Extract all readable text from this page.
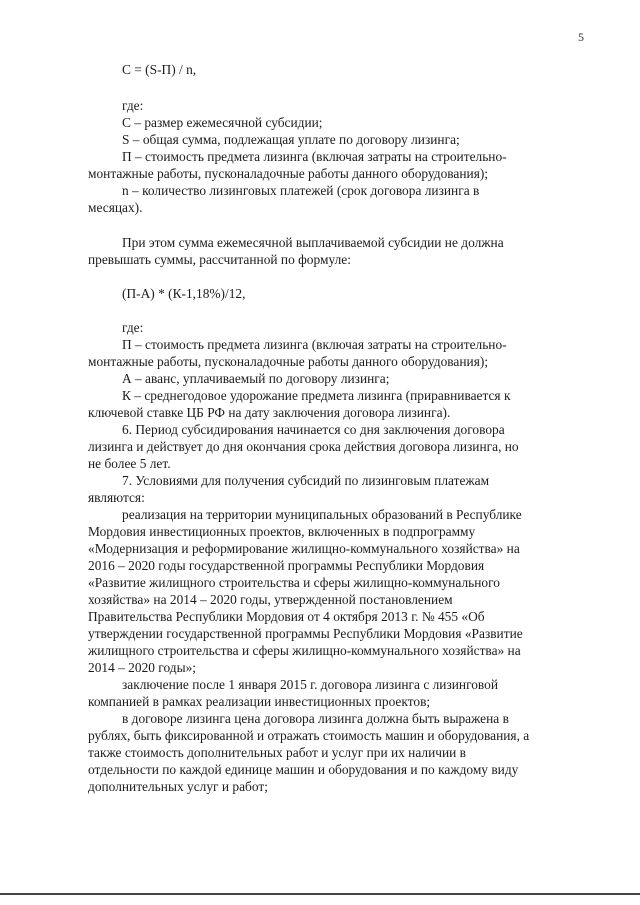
5
C = (S-П) / n,
где:
С – размер ежемесячной субсидии;
S – общая сумма, подлежащая уплате по договору лизинга;
П – стоимость предмета лизинга (включая затраты на строительно-
монтажные работы, пусконаладочные работы данного оборудования);
n – количество лизинговых платежей (срок договора лизинга в
месяцах).
При этом сумма ежемесячной выплачиваемой субсидии не должна
превышать суммы, рассчитанной по формуле:
(П-А) * (К-1,18%)/12,
где:
П – стоимость предмета лизинга (включая затраты на строительно-
монтажные работы, пусконаладочные работы данного оборудования);
А – аванс, уплачиваемый по договору лизинга;
К – среднегодовое удорожание предмета лизинга (приравнивается к
ключевой ставке ЦБ РФ на дату заключения договора лизинга).
6. Период субсидирования начинается со дня заключения договора
лизинга и действует до дня окончания срока действия договора лизинга, но
не более 5 лет.
7. Условиями для получения субсидий по лизинговым платежам
являются:
реализация на территории муниципальных образований в Республике
Мордовия инвестиционных проектов, включенных в подпрограмму
«Модернизация и реформирование жилищно-коммунального хозяйства» на
2016 – 2020 годы государственной программы Республики Мордовия
«Развитие жилищного строительства и сферы жилищно-коммунального
хозяйства» на 2014 – 2020 годы, утвержденной постановлением
Правительства Республики Мордовия от 4 октября 2013 г. № 455 «Об
утверждении государственной программы Республики Мордовия «Развитие
жилищного строительства и сферы жилищно-коммунального хозяйства» на
2014 – 2020 годы»;
заключение после 1 января 2015 г. договора лизинга с лизинговой
компанией в рамках реализации инвестиционных проектов;
в договоре лизинга цена договора лизинга должна быть выражена в
рублях, быть фиксированной и отражать стоимость машин и оборудования, а
также стоимость дополнительных работ и услуг при их наличии в
отдельности по каждой единице машин и оборудования и по каждому виду
дополнительных услуг и работ;
